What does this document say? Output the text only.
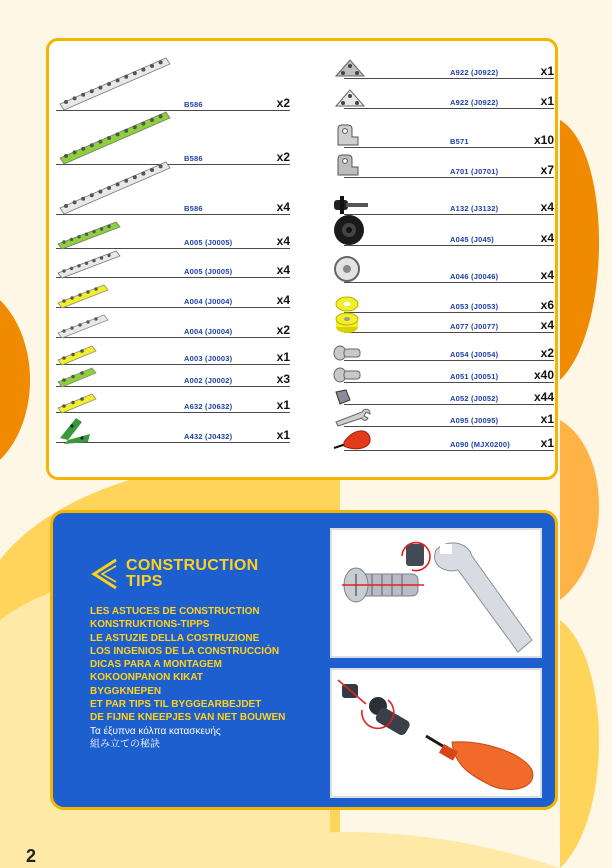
B586	x2
B586	x2
B586	x4
A005 (J0005)	x4
A005 (J0005)	x4
A004 (J0004)	x4
A004 (J0004)	x2
A003 (J0003)	x1
A002 (J0002)	x3
A632 (J0632)	x1
A432 (J0432)	x1
A922 (J0922)	x1
A922 (J0922)	x1
B571	x10
A701 (J0701)	x7
A132 (J3132)	x4
A045 (J045)	x4
A046 (J0046)	x4
A053 (J0053)	x6
A077 (J0077)	x4
A054 (J0054)	x2
A051 (J0051)	x40
A052 (J0052)	x44
A095 (J0095)	x1
A090 (MJX0200)	x1
CONSTRUCTION
TIPS
LES ASTUCES DE CONSTRUCTION
KONSTRUKTIONS-TIPPS
LE ASTUZIE DELLA COSTRUZIONE
LOS INGENIOS DE LA CONSTRUCCIÓN
DICAS PARA A MONTAGEM
KOKOONPANON KIKAT
BYGGKNEPEN
ET PAR TIPS TIL BYGGEARBEJDET
DE FIJNE KNEEPJES VAN NET BOUWEN
Τα έξυπνα κόλπα κατασκευής
組み立ての秘訣
2
